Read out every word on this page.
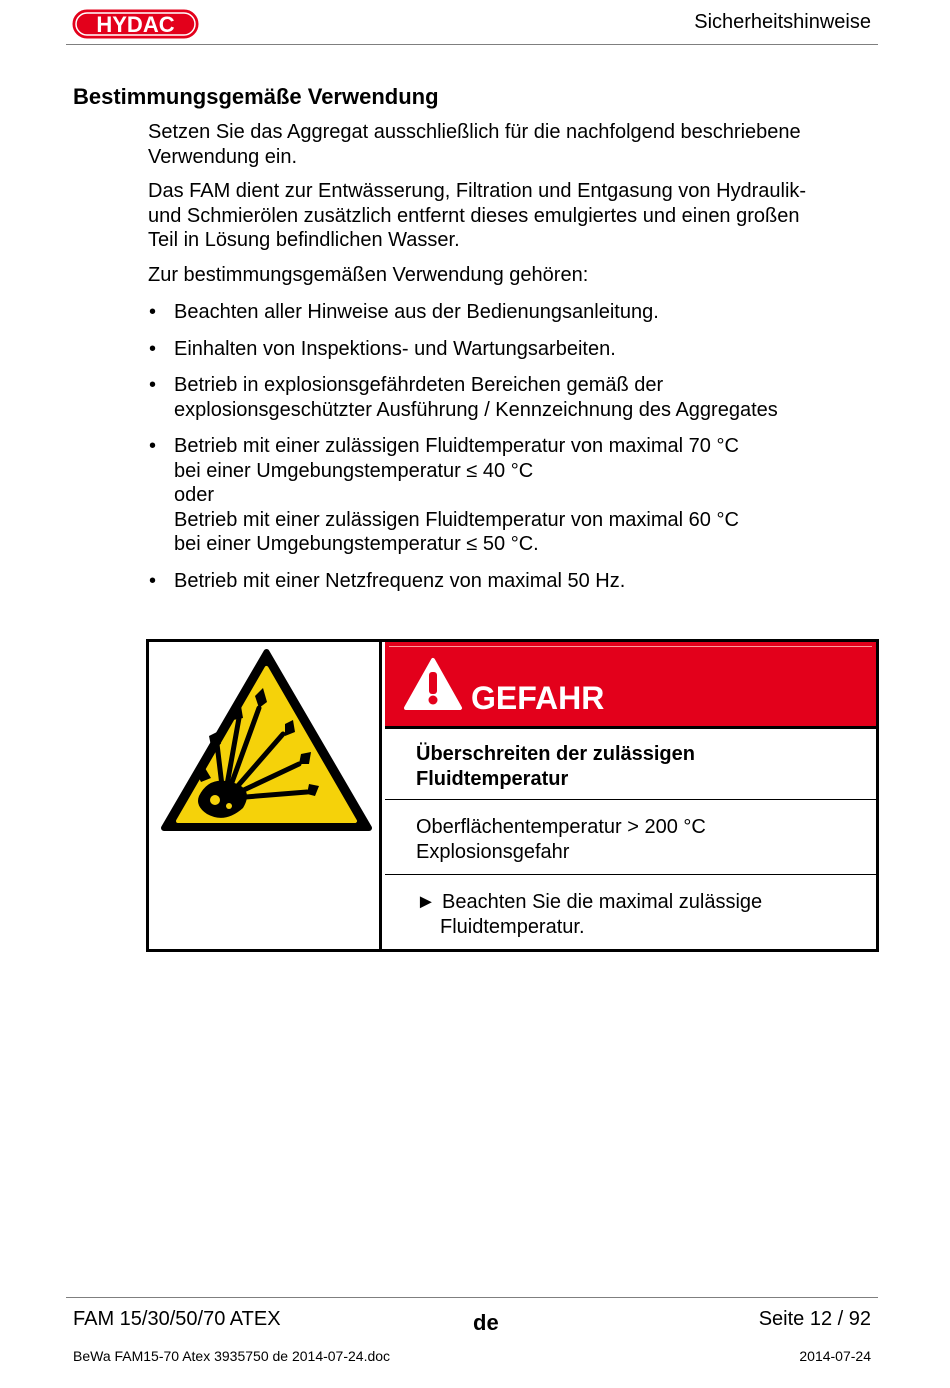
HYDAC	Sicherheitshinweise
Bestimmungsgemäße Verwendung

Setzen Sie das Aggregat ausschließlich für die nachfolgend beschriebene
Verwendung ein.

Das FAM dient zur Entwässerung, Filtration und Entgasung von Hydraulik-
und Schmierölen zusätzlich entfernt dieses emulgiertes und einen großen
Teil in Lösung befindlichen Wasser.

Zur bestimmungsgemäßen Verwendung gehören:

• Beachten aller Hinweise aus der Bedienungsanleitung.
• Einhalten von Inspektions- und Wartungsarbeiten.
• Betrieb in explosionsgefährdeten Bereichen gemäß der
explosionsgeschützter Ausführung / Kennzeichnung des Aggregates
• Betrieb mit einer zulässigen Fluidtemperatur von maximal 70 °C
bei einer Umgebungstemperatur ≤ 40 °C
oder
Betrieb mit einer zulässigen Fluidtemperatur von maximal 60 °C
bei einer Umgebungstemperatur ≤ 50 °C.
• Betrieb mit einer Netzfrequenz von maximal 50 Hz.
GEFAHR
Überschreiten der zulässigen
Fluidtemperatur
Oberflächentemperatur > 200 °C
Explosionsgefahr
► Beachten Sie die maximal zulässige
Fluidtemperatur.
FAM 15/30/50/70 ATEX	de	Seite 12 / 92
BeWa FAM15-70 Atex 3935750 de 2014-07-24.doc	2014-07-24
